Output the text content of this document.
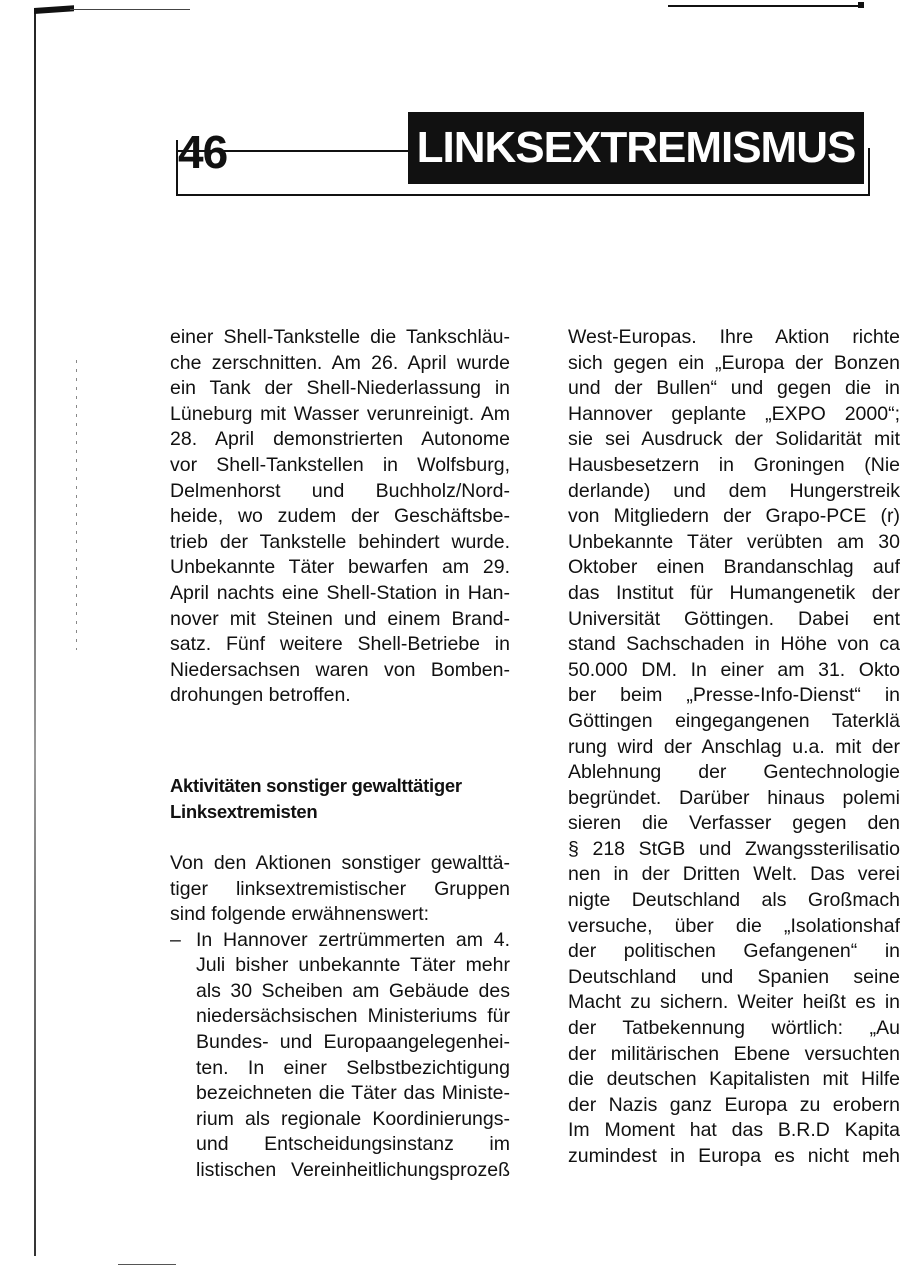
46	LINKSEXTREMISMUS
einer Shell-Tankstelle die Tankschläu-
che zerschnitten. Am 26. April wurde
ein Tank der Shell-Niederlassung in
Lüneburg mit Wasser verunreinigt. Am
28. April demonstrierten Autonome
vor Shell-Tankstellen in Wolfsburg,
Delmenhorst und Buchholz/Nord-
heide, wo zudem der Geschäftsbe-
trieb der Tankstelle behindert wurde.
Unbekannte Täter bewarfen am 29.
April nachts eine Shell-Station in Han-
nover mit Steinen und einem Brand-
satz. Fünf weitere Shell-Betriebe in
Niedersachsen waren von Bomben-
drohungen betroffen.
Aktivitäten sonstiger gewalttätiger
Linksextremisten
Von den Aktionen sonstiger gewalttä-
tiger linksextremistischer Gruppen
sind folgende erwähnenswert:
– In Hannover zertrümmerten am 4.
Juli bisher unbekannte Täter mehr
als 30 Scheiben am Gebäude des
niedersächsischen Ministeriums für
Bundes- und Europaangelegenhei-
ten. In einer Selbstbezichtigung
bezeichneten die Täter das Ministe-
rium als regionale Koordinierungs-
und Entscheidungsinstanz im
listischen Vereinheitlichungsprozeß
West-Europas. Ihre Aktion richte
sich gegen ein „Europa der Bonzen
und der Bullen“ und gegen die in
Hannover geplante „EXPO 2000“;
sie sei Ausdruck der Solidarität mit
Hausbesetzern in Groningen (Nie
derlande) und dem Hungerstreik
von Mitgliedern der Grapo-PCE (r)
Unbekannte Täter verübten am 30
Oktober einen Brandanschlag auf
das Institut für Humangenetik der
Universität Göttingen. Dabei ent
stand Sachschaden in Höhe von ca
50.000 DM. In einer am 31. Okto
ber beim „Presse-Info-Dienst“ in
Göttingen eingegangenen Taterklä
rung wird der Anschlag u.a. mit der
Ablehnung der Gentechnologie
begründet. Darüber hinaus polemi
sieren die Verfasser gegen den
§ 218 StGB und Zwangssterilisatio
nen in der Dritten Welt. Das verei
nigte Deutschland als Großmach
versuche, über die „Isolationshaf
der politischen Gefangenen“ in
Deutschland und Spanien seine
Macht zu sichern. Weiter heißt es in
der Tatbekennung wörtlich: „Au
der militärischen Ebene versuchten
die deutschen Kapitalisten mit Hilfe
der Nazis ganz Europa zu erobern
Im Moment hat das B.R.D Kapita
zumindest in Europa es nicht meh
